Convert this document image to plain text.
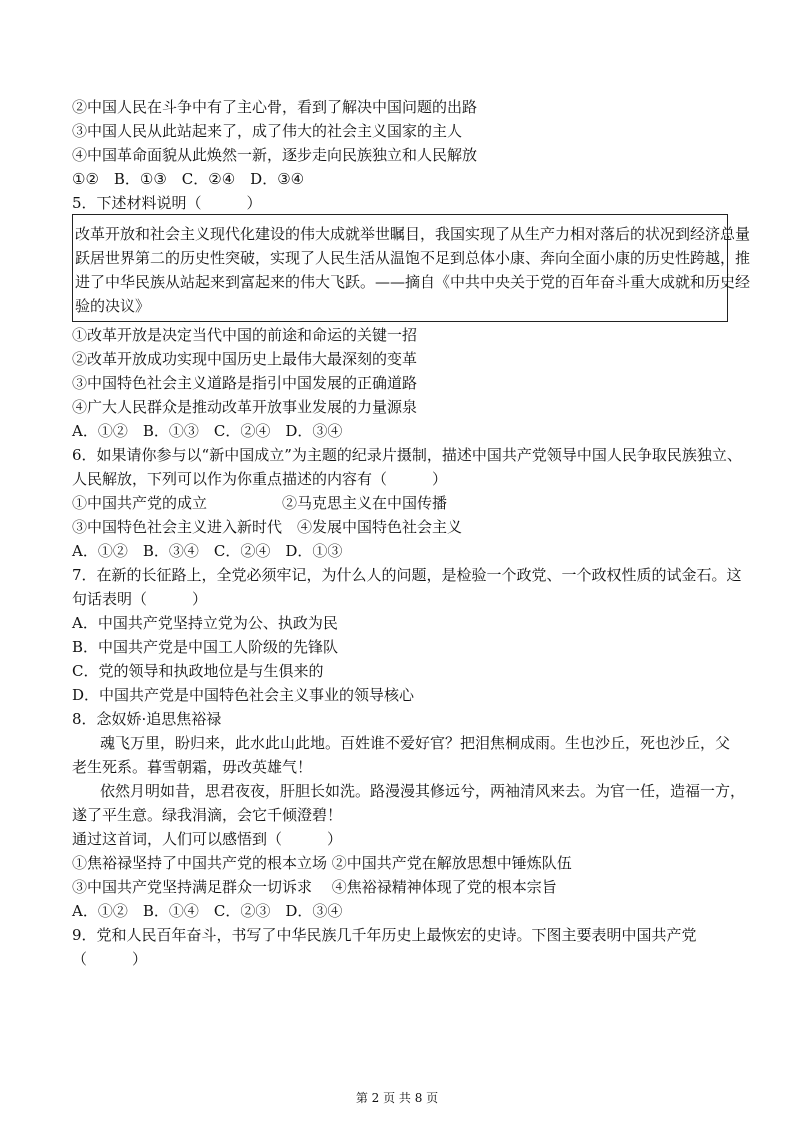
②中国人民在斗争中有了主心骨，看到了解决中国问题的出路
③中国人民从此站起来了，成了伟大的社会主义国家的主人
④中国革命面貌从此焕然一新，逐步走向民族独立和人民解放
①②　B．①③　C．②④　D．③④
5．下述材料说明（　　　）
改革开放和社会主义现代化建设的伟大成就举世瞩目，我国实现了从生产力相对落后的状况到经济总量
跃居世界第二的历史性突破，实现了人民生活从温饱不足到总体小康、奔向全面小康的历史性跨越，推
进了中华民族从站起来到富起来的伟大飞跃。——摘自《中共中央关于党的百年奋斗重大成就和历史经
验的决议》
①改革开放是决定当代中国的前途和命运的关键一招
②改革开放成功实现中国历史上最伟大最深刻的变革
③中国特色社会主义道路是指引中国发展的正确道路
④广大人民群众是推动改革开放事业发展的力量源泉
A．①②　B．①③　C．②④　D．③④
6．如果请你参与以“新中国成立”为主题的纪录片摄制，描述中国共产党领导中国人民争取民族独立、
人民解放，下列可以作为你重点描述的内容有（　　　）
①中国共产党的成立　　　　　②马克思主义在中国传播
③中国特色社会主义进入新时代　④发展中国特色社会主义
A．①②　B．③④　C．②④　D．①③
7．在新的长征路上，全党必须牢记，为什么人的问题，是检验一个政党、一个政权性质的试金石。这
句话表明（　　　）
A．中国共产党坚持立党为公、执政为民
B．中国共产党是中国工人阶级的先锋队
C．党的领导和执政地位是与生俱来的
D．中国共产党是中国特色社会主义事业的领导核心
8．念奴娇·追思焦裕禄
魂飞万里，盼归来，此水此山此地。百姓谁不爱好官？把泪焦桐成雨。生也沙丘，死也沙丘，父
老生死系。暮雪朝霜，毋改英雄气！
依然月明如昔，思君夜夜，肝胆长如洗。路漫漫其修远兮，两袖清风来去。为官一任，造福一方，
遂了平生意。绿我涓滴，会它千倾澄碧！
通过这首词，人们可以感悟到（　　　）
①焦裕禄坚持了中国共产党的根本立场 ②中国共产党在解放思想中锤炼队伍
③中国共产党坚持满足群众一切诉求　 ④焦裕禄精神体现了党的根本宗旨
A．①②　B．①④　C．②③　D．③④
9．党和人民百年奋斗，书写了中华民族几千年历史上最恢宏的史诗。下图主要表明中国共产党
（　　　）
第 2 页 共 8 页
